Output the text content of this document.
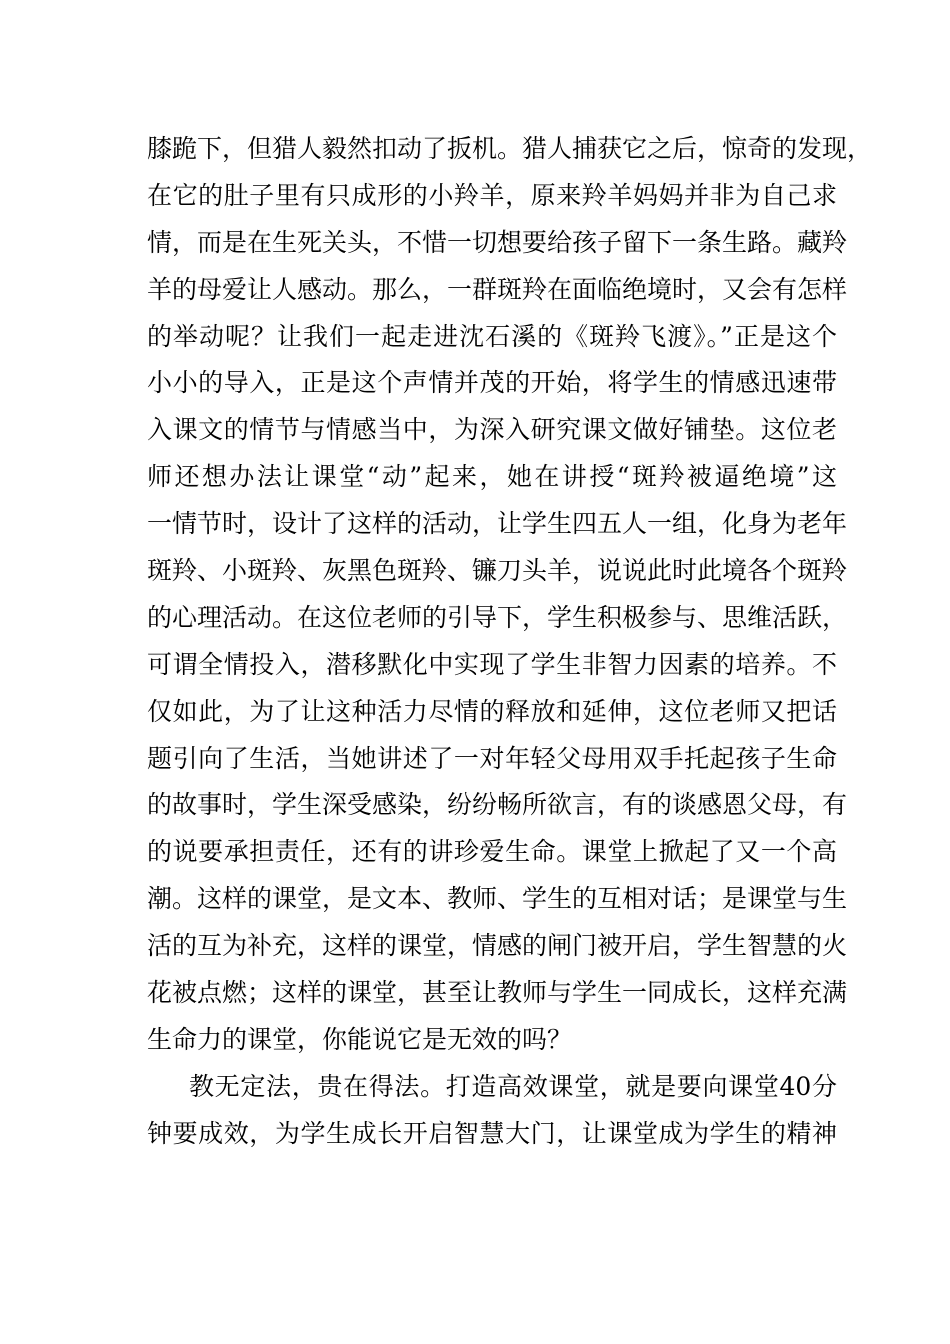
膝跪下，但猎人毅然扣动了扳机。猎人捕获它之后，惊奇的发现，
在它的肚子里有只成形的小羚羊，原来羚羊妈妈并非为自己求
情，而是在生死关头，不惜一切想要给孩子留下一条生路。藏羚
羊的母爱让人感动。那么，一群斑羚在面临绝境时，又会有怎样
的举动呢？让我们一起走进沈石溪的《斑羚飞渡》。”正是这个
小小的导入，正是这个声情并茂的开始，将学生的情感迅速带
入课文的情节与情感当中，为深入研究课文做好铺垫。这位老
师还想办法让课堂“动”起来，她在讲授“斑羚被逼绝境”这
一情节时，设计了这样的活动，让学生四五人一组，化身为老年
斑羚、小斑羚、灰黑色斑羚、镰刀头羊，说说此时此境各个斑羚
的心理活动。在这位老师的引导下，学生积极参与、思维活跃，
可谓全情投入，潜移默化中实现了学生非智力因素的培养。不
仅如此，为了让这种活力尽情的释放和延伸，这位老师又把话
题引向了生活，当她讲述了一对年轻父母用双手托起孩子生命
的故事时，学生深受感染，纷纷畅所欲言，有的谈感恩父母，有
的说要承担责任，还有的讲珍爱生命。课堂上掀起了又一个高
潮。这样的课堂，是文本、教师、学生的互相对话；是课堂与生
活的互为补充，这样的课堂，情感的闸门被开启，学生智慧的火
花被点燃；这样的课堂，甚至让教师与学生一同成长，这样充满
生命力的课堂，你能说它是无效的吗？
教无定法，贵在得法。打造高效课堂，就是要向课堂40分
钟要成效，为学生成长开启智慧大门，让课堂成为学生的精神
